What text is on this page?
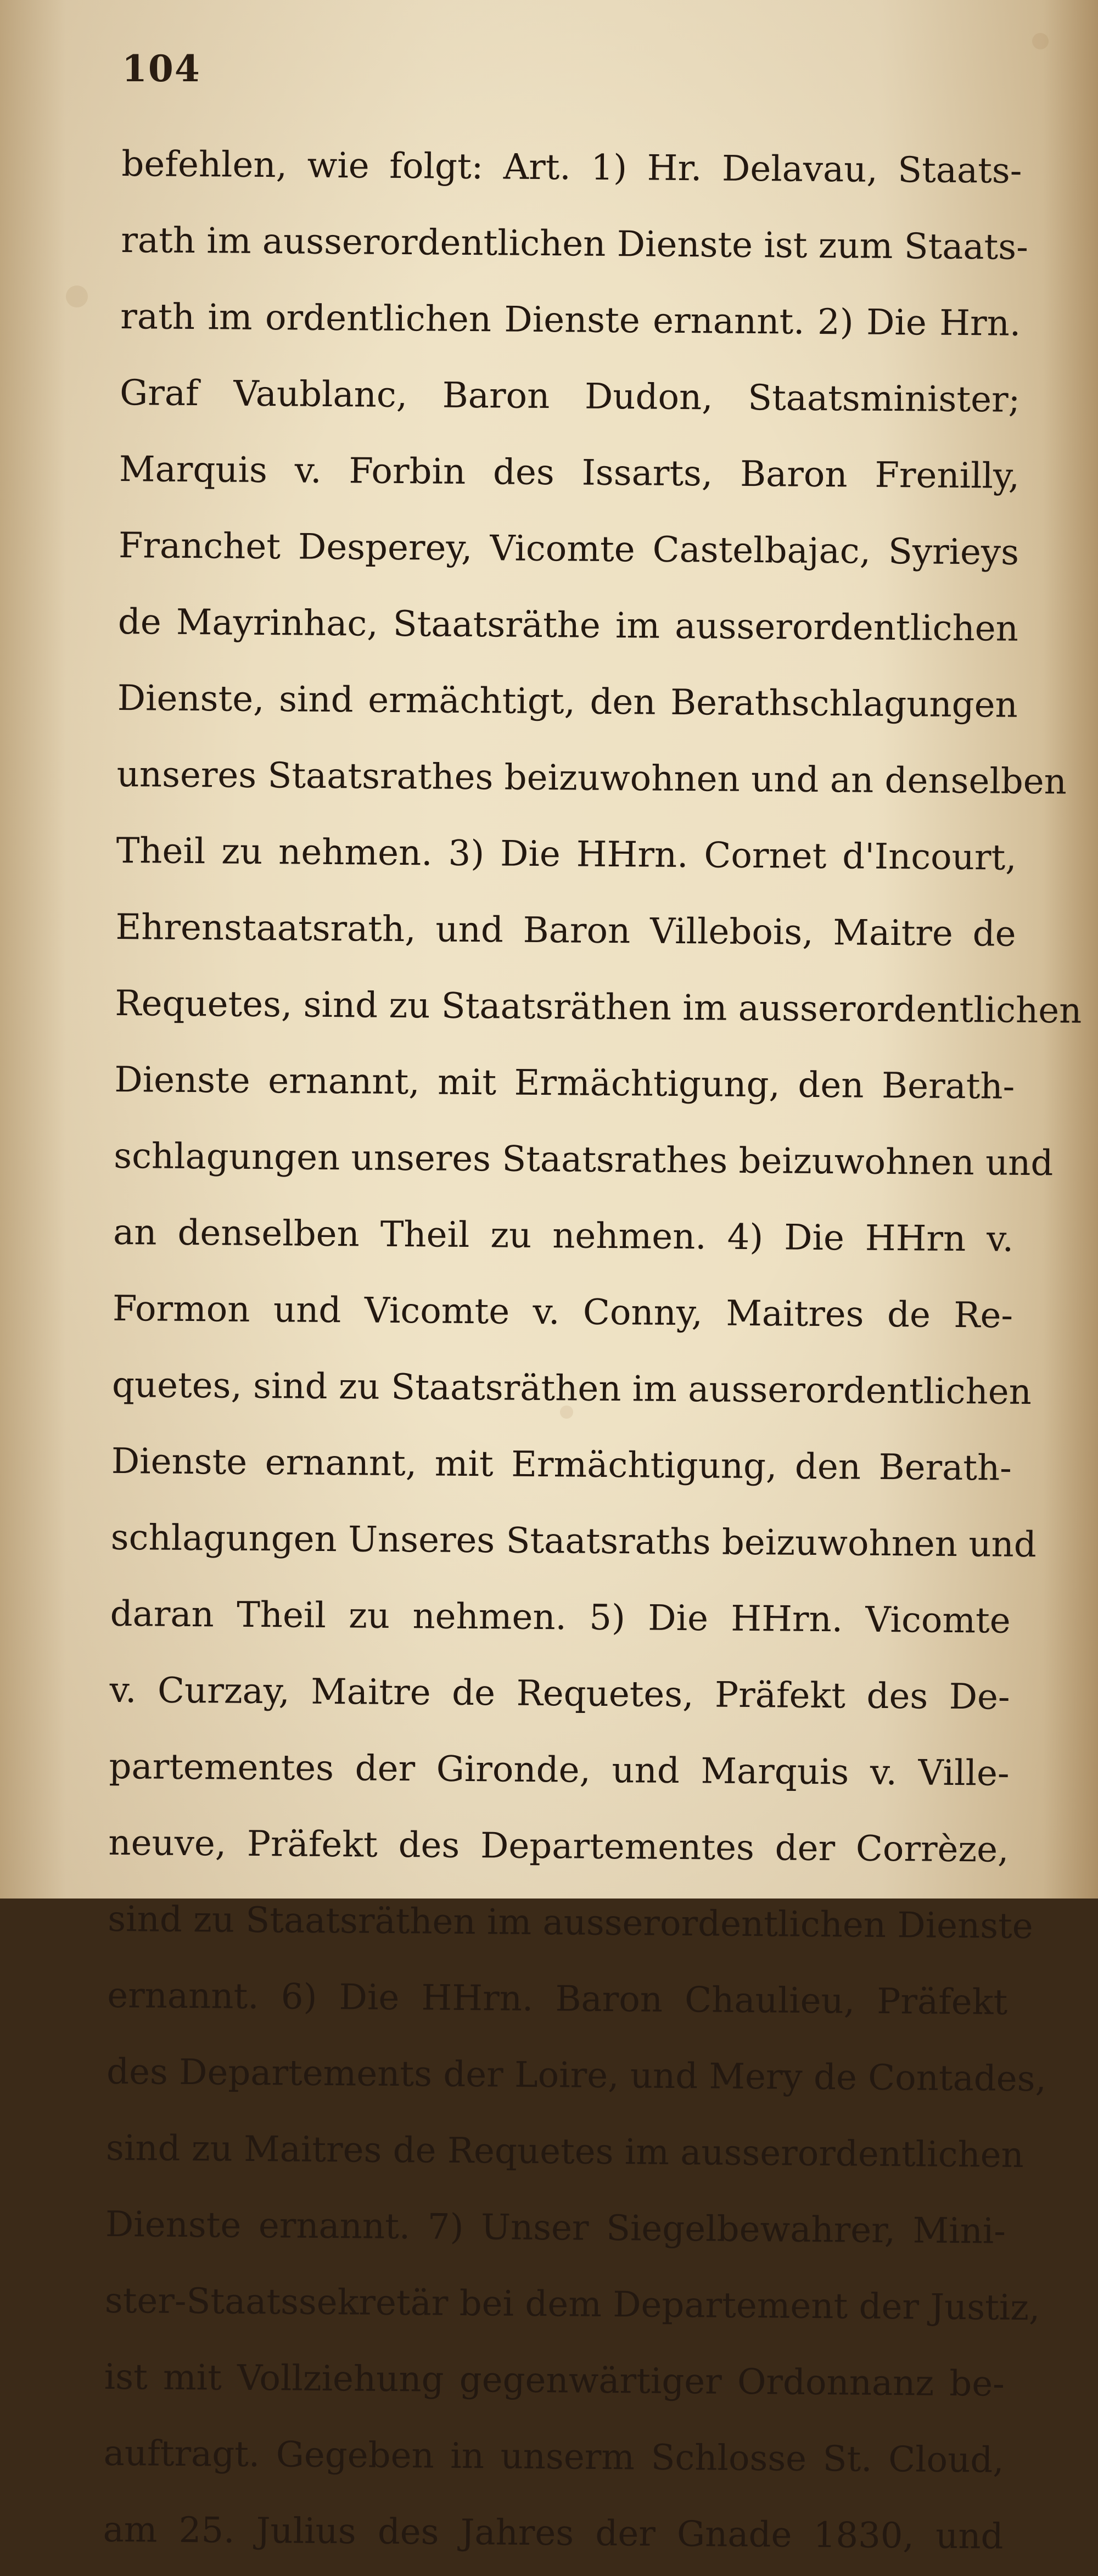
104
befehlen, wie folgt: Art. 1) Hr. Delavau, Staats-
rath im ausserordentlichen Dienste ist zum Staats-
rath im ordentlichen Dienste ernannt. 2) Die Hrn.
Graf Vaublanc, Baron Dudon, Staatsminister;
Marquis v. Forbin des Issarts, Baron Frenilly,
Franchet Desperey, Vicomte Castelbajac, Syrieys
de Mayrinhac, Staatsräthe im ausserordentlichen
Dienste, sind ermächtigt, den Berathschlagungen
unseres Staatsrathes beizuwohnen und an denselben
Theil zu nehmen. 3) Die HHrn. Cornet d'Incourt,
Ehrenstaatsrath, und Baron Villebois, Maitre de
Requetes, sind zu Staatsräthen im ausserordentlichen
Dienste ernannt, mit Ermächtigung, den Berath-
schlagungen unseres Staatsrathes beizuwohnen und
an denselben Theil zu nehmen. 4) Die HHrn v.
Formon und Vicomte v. Conny, Maitres de Re-
quetes, sind zu Staatsräthen im ausserordentlichen
Dienste ernannt, mit Ermächtigung, den Berath-
schlagungen Unseres Staatsraths beizuwohnen und
daran Theil zu nehmen. 5) Die HHrn. Vicomte
v. Curzay, Maitre de Requetes, Präfekt des De-
partementes der Gironde, und Marquis v. Ville-
neuve, Präfekt des Departementes der Corrèze,
sind zu Staatsräthen im ausserordentlichen Dienste
ernannt. 6) Die HHrn. Baron Chaulieu, Präfekt
des Departements der Loire, und Mery de Contades,
sind zu Maitres de Requetes im ausserordentlichen
Dienste ernannt. 7) Unser Siegelbewahrer, Mini-
ster-Staatssekretär bei dem Departement der Justiz,
ist mit Vollziehung gegenwärtiger Ordonnanz be-
auftragt. Gegeben in unserm Schlosse St. Cloud,
am 25. Julius des Jahres der Gnade 1830, und
